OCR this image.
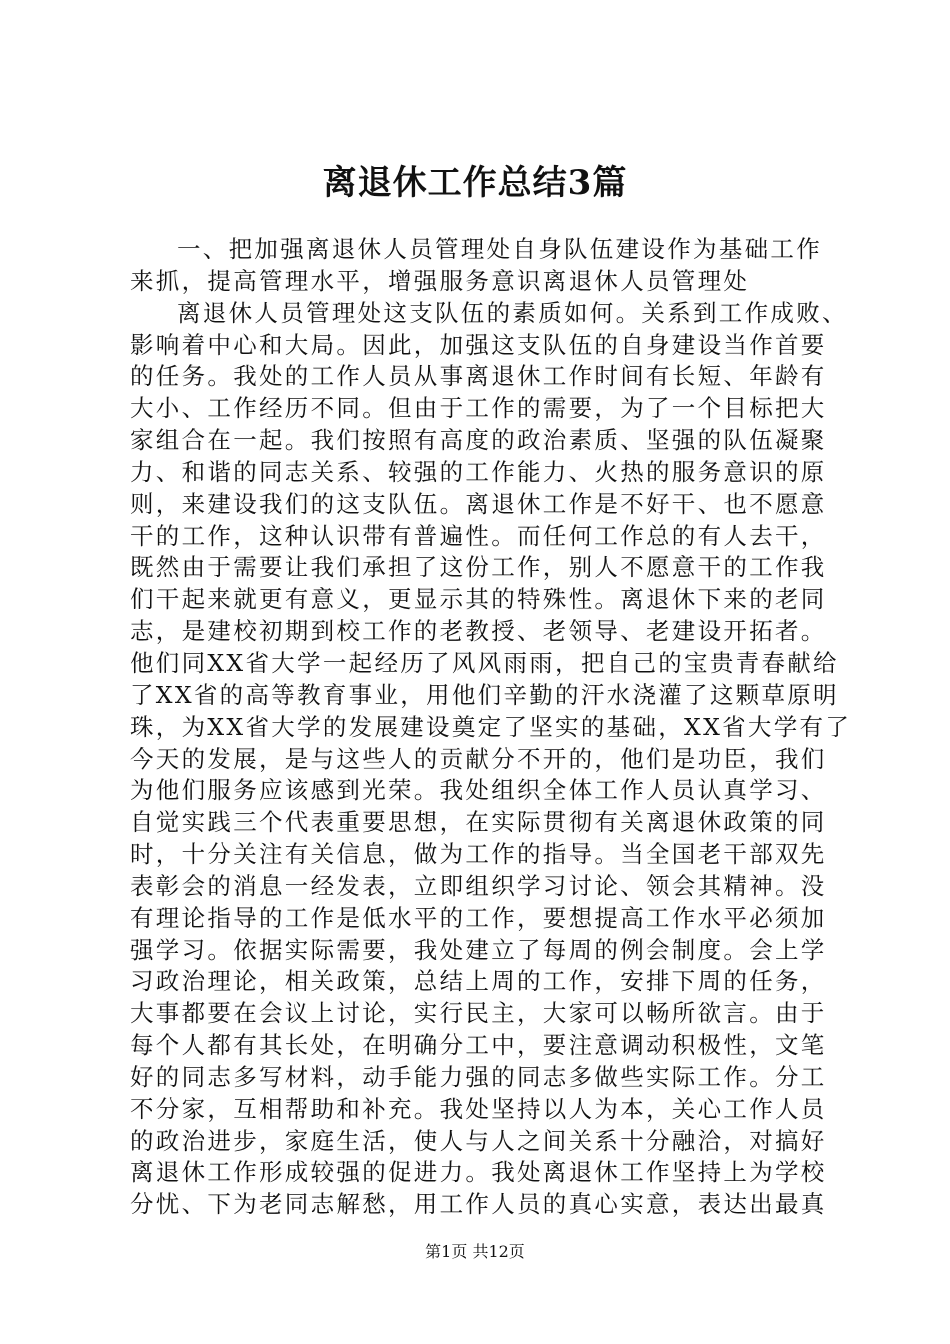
离退休工作总结3篇
一、把加强离退休人员管理处自身队伍建设作为基础工作
来抓，提高管理水平，增强服务意识离退休人员管理处
离退休人员管理处这支队伍的素质如何。关系到工作成败、
影响着中心和大局。因此，加强这支队伍的自身建设当作首要
的任务。我处的工作人员从事离退休工作时间有长短、年龄有
大小、工作经历不同。但由于工作的需要，为了一个目标把大
家组合在一起。我们按照有高度的政治素质、坚强的队伍凝聚
力、和谐的同志关系、较强的工作能力、火热的服务意识的原
则，来建设我们的这支队伍。离退休工作是不好干、也不愿意
干的工作，这种认识带有普遍性。而任何工作总的有人去干，
既然由于需要让我们承担了这份工作，别人不愿意干的工作我
们干起来就更有意义，更显示其的特殊性。离退休下来的老同
志，是建校初期到校工作的老教授、老领导、老建设开拓者。
他们同XX省大学一起经历了风风雨雨，把自己的宝贵青春献给
了XX省的高等教育事业，用他们辛勤的汗水浇灌了这颗草原明
珠，为XX省大学的发展建设奠定了坚实的基础，XX省大学有了
今天的发展，是与这些人的贡献分不开的，他们是功臣，我们
为他们服务应该感到光荣。我处组织全体工作人员认真学习、
自觉实践三个代表重要思想，在实际贯彻有关离退休政策的同
时，十分关注有关信息，做为工作的指导。当全国老干部双先
表彰会的消息一经发表，立即组织学习讨论、领会其精神。没
有理论指导的工作是低水平的工作，要想提高工作水平必须加
强学习。依据实际需要，我处建立了每周的例会制度。会上学
习政治理论，相关政策，总结上周的工作，安排下周的任务，
大事都要在会议上讨论，实行民主，大家可以畅所欲言。由于
每个人都有其长处，在明确分工中，要注意调动积极性，文笔
好的同志多写材料，动手能力强的同志多做些实际工作。分工
不分家，互相帮助和补充。我处坚持以人为本，关心工作人员
的政治进步，家庭生活，使人与人之间关系十分融洽，对搞好
离退休工作形成较强的促进力。我处离退休工作坚持上为学校
分忧、下为老同志解愁，用工作人员的真心实意，表达出最真
第1页 共12页
